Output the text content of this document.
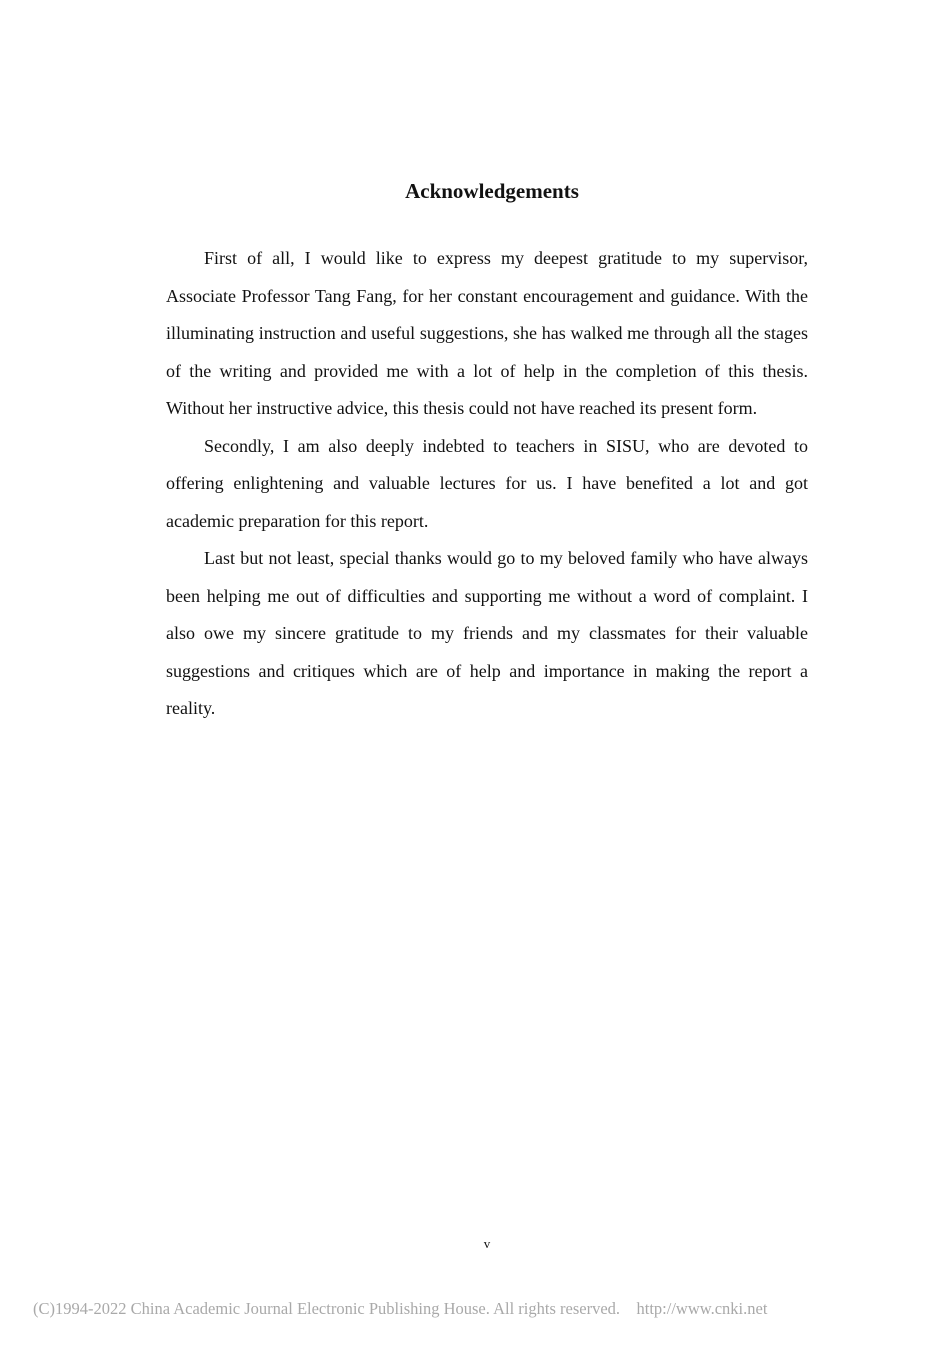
Acknowledgements

First of all, I would like to express my deepest gratitude to my supervisor, Associate Professor Tang Fang, for her constant encouragement and guidance. With the illuminating instruction and useful suggestions, she has walked me through all the stages of the writing and provided me with a lot of help in the completion of this thesis. Without her instructive advice, this thesis could not have reached its present form.

Secondly, I am also deeply indebted to teachers in SISU, who are devoted to offering enlightening and valuable lectures for us. I have benefited a lot and got academic preparation for this report.

Last but not least, special thanks would go to my beloved family who have always been helping me out of difficulties and supporting me without a word of complaint. I also owe my sincere gratitude to my friends and my classmates for their valuable suggestions and critiques which are of help and importance in making the report a reality.

v
(C)1994-2022 China Academic Journal Electronic Publishing House. All rights reserved.    http://www.cnki.net
